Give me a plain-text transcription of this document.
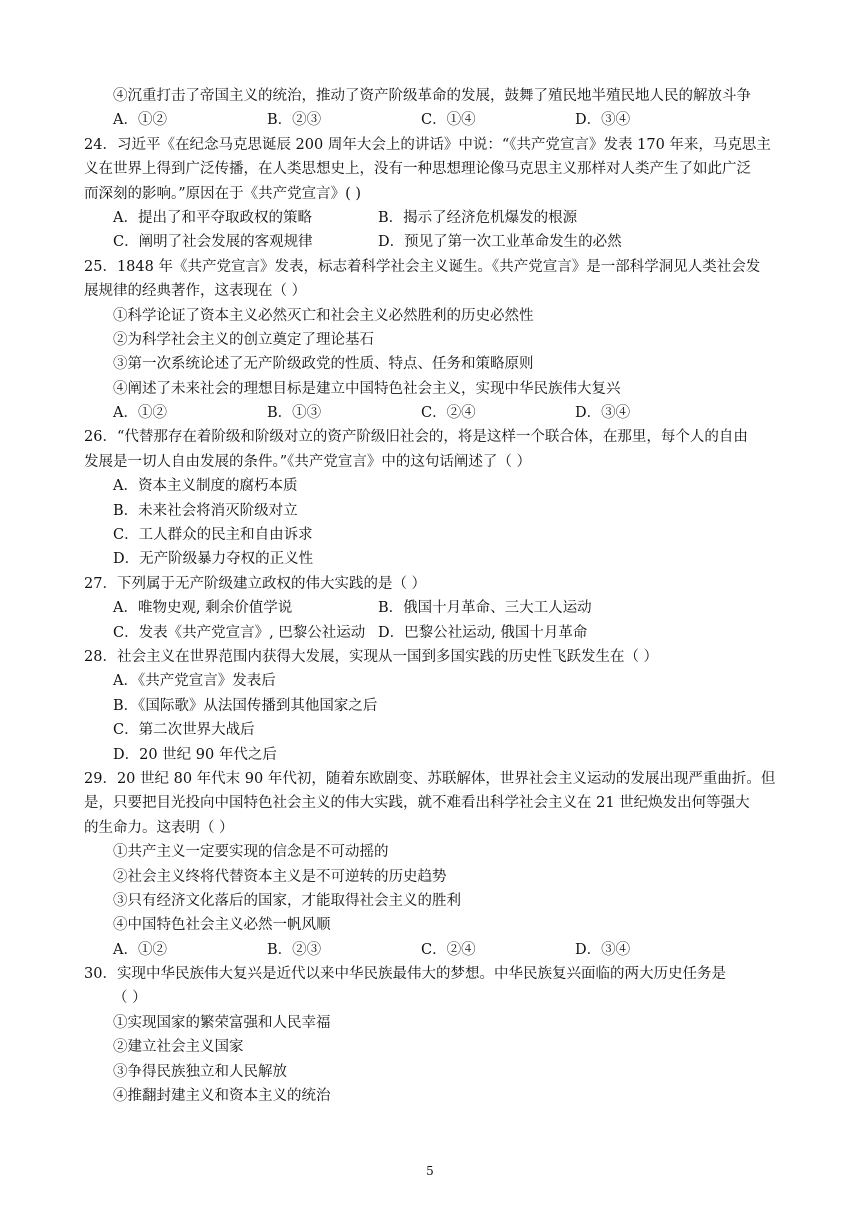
④沉重打击了帝国主义的统治，推动了资产阶级革命的发展，鼓舞了殖民地半殖民地人民的解放斗争
A．①②	B．②③	C．①④	D．③④
24．习近平《在纪念马克思诞辰 200 周年大会上的讲话》中说：“《共产党宣言》发表 170 年来，马克思主
义在世界上得到广泛传播，在人类思想史上，没有一种思想理论像马克思主义那样对人类产生了如此广泛
而深刻的影响。”原因在于《共产党宣言》( )
A．提出了和平夺取政权的策略	B．揭示了经济危机爆发的根源
C．阐明了社会发展的客观规律	D．预见了第一次工业革命发生的必然
25．1848 年《共产党宣言》发表，标志着科学社会主义诞生。《共产党宣言》是一部科学洞见人类社会发
展规律的经典著作，这表现在（ ）
①科学论证了资本主义必然灭亡和社会主义必然胜利的历史必然性
②为科学社会主义的创立奠定了理论基石
③第一次系统论述了无产阶级政党的性质、特点、任务和策略原则
④阐述了未来社会的理想目标是建立中国特色社会主义，实现中华民族伟大复兴
A．①②	B．①③	C．②④	D．③④
26．“代替那存在着阶级和阶级对立的资产阶级旧社会的，将是这样一个联合体，在那里，每个人的自由
发展是一切人自由发展的条件。”《共产党宣言》中的这句话阐述了（ ）
A．资本主义制度的腐朽本质
B．未来社会将消灭阶级对立
C．工人群众的民主和自由诉求
D．无产阶级暴力夺权的正义性
27．下列属于无产阶级建立政权的伟大实践的是（ ）
A．唯物史观, 剩余价值学说	B．俄国十月革命、三大工人运动
C．发表《共产党宣言》, 巴黎公社运动 D．巴黎公社运动, 俄国十月革命
28．社会主义在世界范围内获得大发展，实现从一国到多国实践的历史性飞跃发生在（ ）
A．《共产党宣言》发表后
B．《国际歌》从法国传播到其他国家之后
C．第二次世界大战后
D．20 世纪 90 年代之后
29．20 世纪 80 年代末 90 年代初，随着东欧剧变、苏联解体，世界社会主义运动的发展出现严重曲折。但
是，只要把目光投向中国特色社会主义的伟大实践，就不难看出科学社会主义在 21 世纪焕发出何等强大
的生命力。这表明（ ）
①共产主义一定要实现的信念是不可动摇的
②社会主义终将代替资本主义是不可逆转的历史趋势
③只有经济文化落后的国家，才能取得社会主义的胜利
④中国特色社会主义必然一帆风顺
A．①②	B．②③	C．②④	D．③④
30．实现中华民族伟大复兴是近代以来中华民族最伟大的梦想。中华民族复兴面临的两大历史任务是
（ ）
①实现国家的繁荣富强和人民幸福
②建立社会主义国家
③争得民族独立和人民解放
④推翻封建主义和资本主义的统治
5
